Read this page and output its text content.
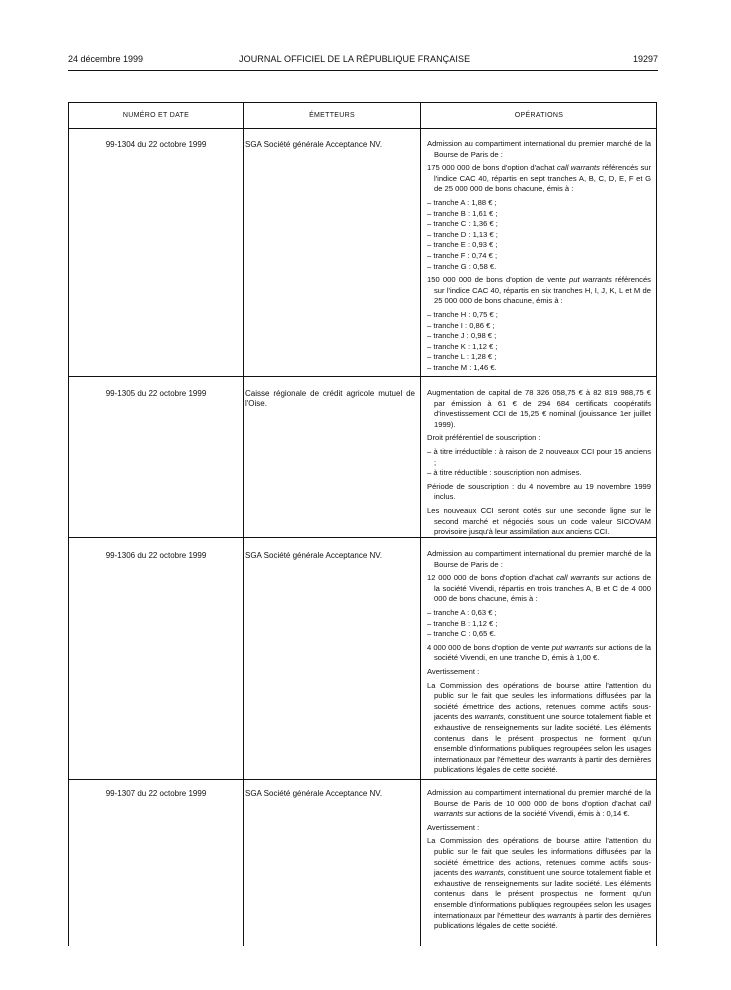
24 décembre 1999	JOURNAL OFFICIEL DE LA RÉPUBLIQUE FRANÇAISE	19297
NUMÉRO ET DATE	ÉMETTEURS	OPÉRATIONS
99-1304 du 22 octobre 1999	SGA Société générale Acceptance NV.	Admission au compartiment international du premier marché de la Bourse de Paris de :

175 000 000 de bons d'option d'achat call warrants référencés sur l'indice CAC 40, répartis en sept tranches A, B, C, D, E, F et G de 25 000 000 de bons chacune, émis à :

– tranche A : 1,88 € ;
– tranche B : 1,61 € ;
– tranche C : 1,36 € ;
– tranche D : 1,13 € ;
– tranche E : 0,93 € ;
– tranche F : 0,74 € ;
– tranche G : 0,58 €.

150 000 000 de bons d'option de vente put warrants référencés sur l'indice CAC 40, répartis en six tranches H, I, J, K, L et M de 25 000 000 de bons chacune, émis à :

– tranche H : 0,75 € ;
– tranche I : 0,86 € ;
– tranche J : 0,98 € ;
– tranche K : 1,12 € ;
– tranche L : 1,28 € ;
– tranche M : 1,46 €.
99-1305 du 22 octobre 1999	Caisse régionale de crédit agricole mutuel de l'Oise.

Augmentation de capital de 78 326 058,75 € à 82 819 988,75 € par émission à 61 € de 294 684 certificats coopératifs d'investissement CCI de 15,25 € nominal (jouissance 1er juillet 1999).

Droit préférentiel de souscription :

– à titre irréductible : à raison de 2 nouveaux CCI pour 15 anciens ;
– à titre réductible : souscription non admises.

Période de souscription : du 4 novembre au 19 novembre 1999 inclus.

Les nouveaux CCI seront cotés sur une seconde ligne sur le second marché et négociés sous un code valeur SICOVAM provisoire jusqu'à leur assimilation aux anciens CCI.

99-1306 du 22 octobre 1999	SGA Société générale Acceptance NV.	Admission au compartiment international du premier marché de la Bourse de Paris de :

12 000 000 de bons d'option d'achat call warrants sur actions de la société Vivendi, répartis en trois tranches A, B et C de 4 000 000 de bons chacune, émis à :

– tranche A : 0,63 € ;
– tranche B : 1,12 € ;
– tranche C : 0,65 €.

4 000 000 de bons d'option de vente put warrants sur actions de la société Vivendi, en une tranche D, émis à 1,00 €.

Avertissement :

La Commission des opérations de bourse attire l'attention du public sur le fait que seules les informations diffusées par la société émettrice des actions, retenues comme actifs sous-jacents des warrants, constituent une source totalement fiable et exhaustive de renseignements sur ladite société. Les éléments contenus dans le présent prospectus ne forment qu'un ensemble d'informations publiques regroupées selon les usages internationaux par l'émetteur des warrants à partir des dernières publications légales de cette société.

99-1307 du 22 octobre 1999	SGA Société générale Acceptance NV.	Admission au compartiment international du premier marché de la Bourse de Paris de 10 000 000 de bons d'option d'achat call warrants sur actions de la société Vivendi, émis à : 0,14 €.

Avertissement :

La Commission des opérations de bourse attire l'attention du public sur le fait que seules les informations diffusées par la société émettrice des actions, retenues comme actifs sous-jacents des warrants, constituent une source totalement fiable et exhaustive de renseignements sur ladite société. Les éléments contenus dans le présent prospectus ne forment qu'un ensemble d'informations publiques regroupées selon les usages internationaux par l'émetteur des warrants à partir des dernières publications légales de cette société.
